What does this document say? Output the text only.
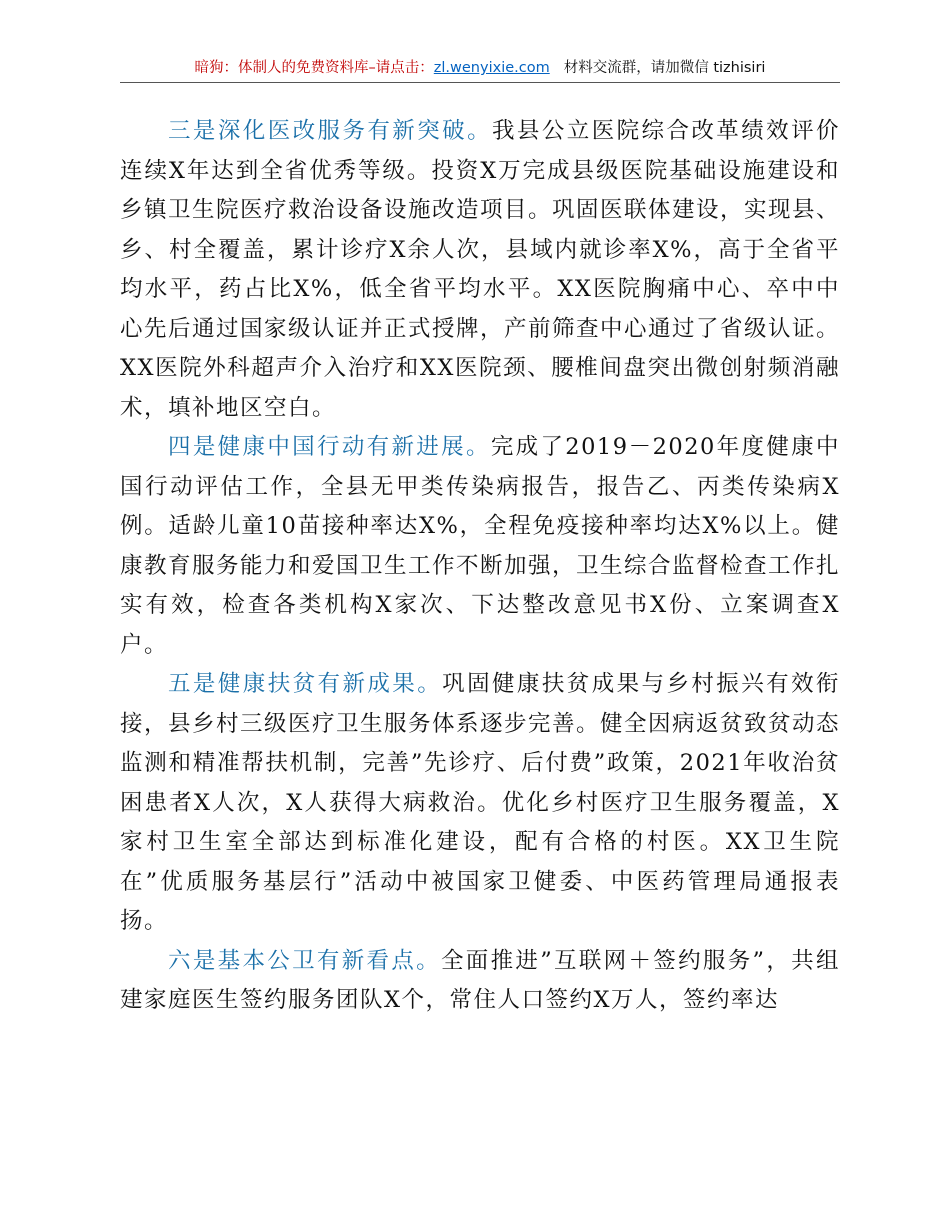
暗狗：体制人的免费资料库–请点击：zl.wenyixie.com 材料交流群，请加微信 tizhisiri

三是深化医改服务有新突破。我县公立医院综合改革绩效评价连续X年达到全省优秀等级。投资X万完成县级医院基础设施建设和乡镇卫生院医疗救治设备设施改造项目。巩固医联体建设，实现县、乡、村全覆盖，累计诊疗X余人次，县域内就诊率X%，高于全省平均水平，药占比X%，低全省平均水平。XX医院胸痛中心、卒中中心先后通过国家级认证并正式授牌，产前筛查中心通过了省级认证。XX医院外科超声介入治疗和XX医院颈、腰椎间盘突出微创射频消融术，填补地区空白。

四是健康中国行动有新进展。完成了2019－2020年度健康中国行动评估工作，全县无甲类传染病报告，报告乙、丙类传染病X例。适龄儿童10苗接种率达X%，全程免疫接种率均达X%以上。健康教育服务能力和爱国卫生工作不断加强，卫生综合监督检查工作扎实有效，检查各类机构X家次、下达整改意见书X份、立案调查X户。

五是健康扶贫有新成果。巩固健康扶贫成果与乡村振兴有效衔接，县乡村三级医疗卫生服务体系逐步完善。健全因病返贫致贫动态监测和精准帮扶机制，完善”先诊疗、后付费”政策，2021年收治贫困患者X人次，X人获得大病救治。优化乡村医疗卫生服务覆盖，X家村卫生室全部达到标准化建设，配有合格的村医。XX卫生院在”优质服务基层行”活动中被国家卫健委、中医药管理局通报表扬。

六是基本公卫有新看点。全面推进”互联网＋签约服务”，共组建家庭医生签约服务团队X个，常住人口签约X万人，签约率达
